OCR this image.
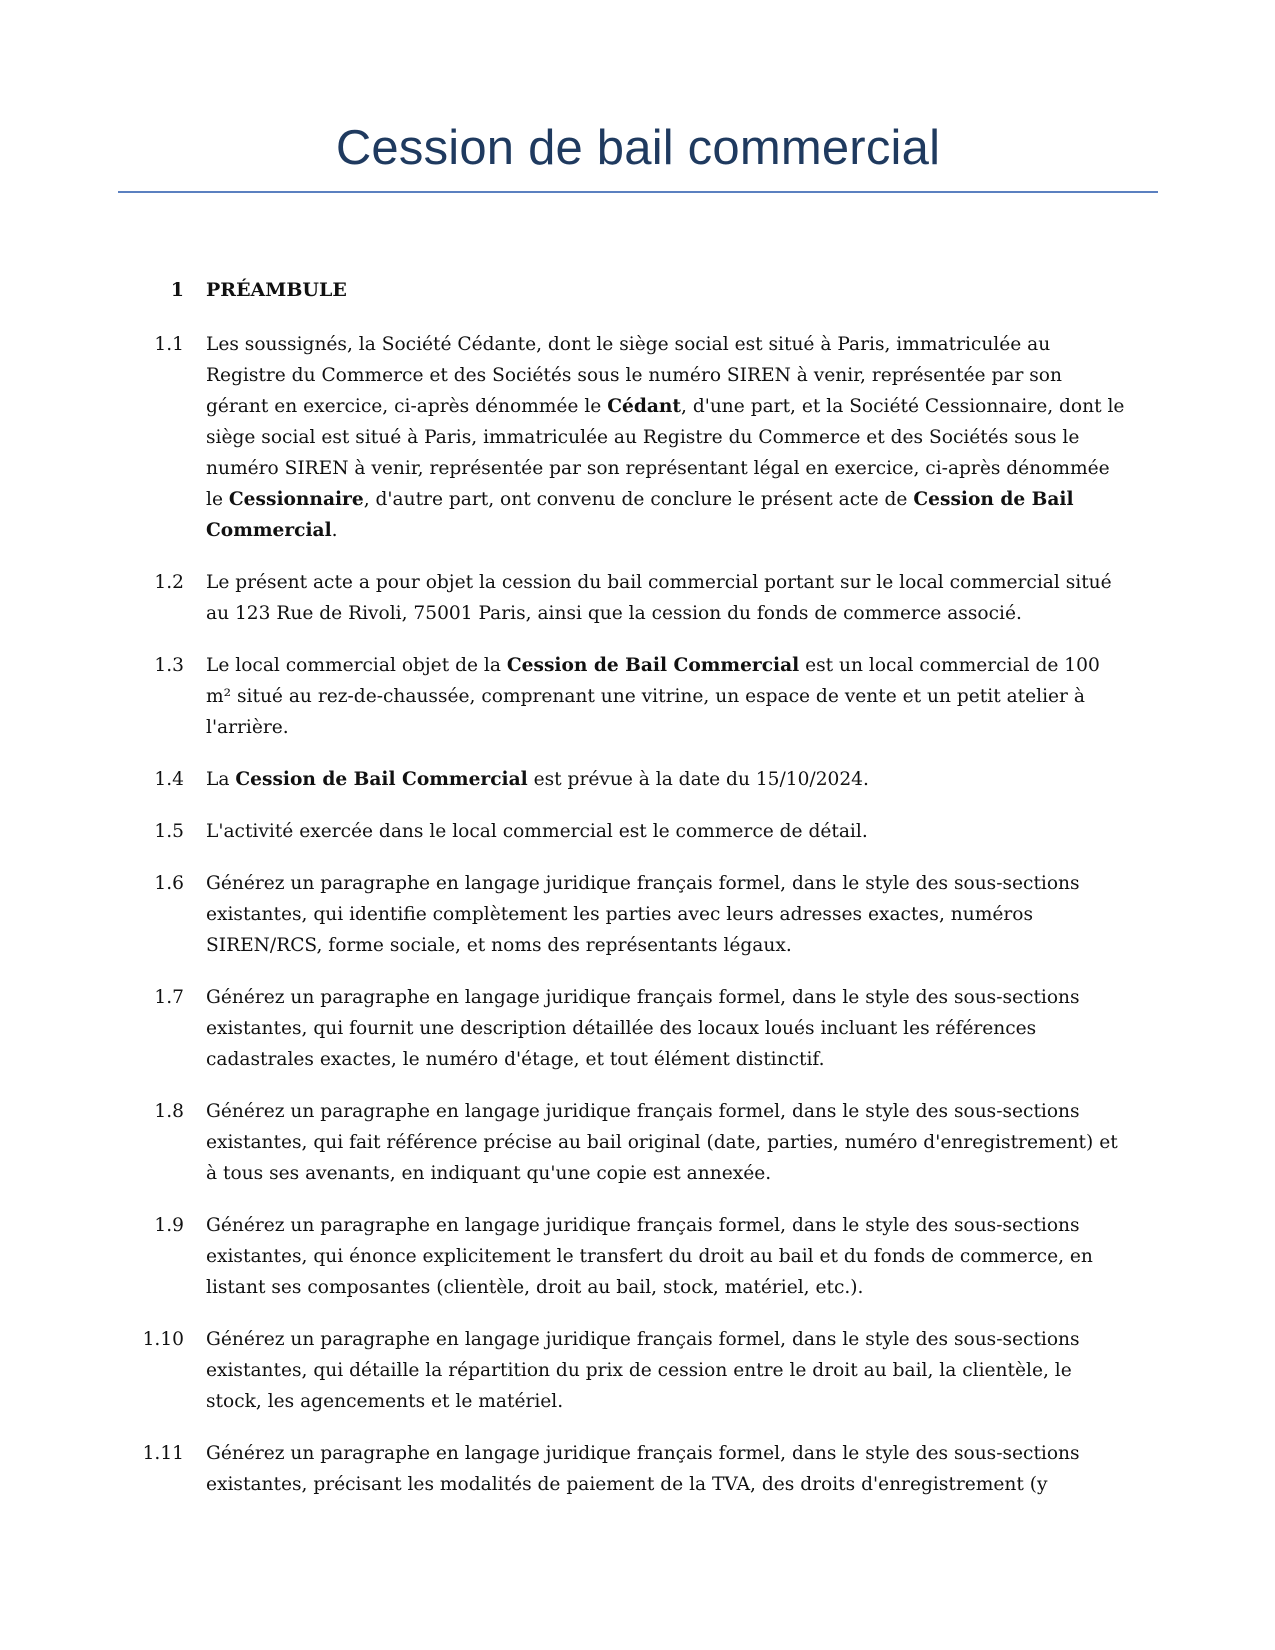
Cession de bail commercial
1 PRÉAMBULE
1.1 Les soussignés, la Société Cédante, dont le siège social est situé à Paris, immatriculée au Registre du Commerce et des Sociétés sous le numéro SIREN à venir, représentée par son gérant en exercice, ci-après dénommée le Cédant, d'une part, et la Société Cessionnaire, dont le siège social est situé à Paris, immatriculée au Registre du Commerce et des Sociétés sous le numéro SIREN à venir, représentée par son représentant légal en exercice, ci-après dénommée le Cessionnaire, d'autre part, ont convenu de conclure le présent acte de Cession de Bail Commercial.
1.2 Le présent acte a pour objet la cession du bail commercial portant sur le local commercial situé au 123 Rue de Rivoli, 75001 Paris, ainsi que la cession du fonds de commerce associé.
1.3 Le local commercial objet de la Cession de Bail Commercial est un local commercial de 100 m² situé au rez-de-chaussée, comprenant une vitrine, un espace de vente et un petit atelier à l'arrière.
1.4 La Cession de Bail Commercial est prévue à la date du 15/10/2024.
1.5 L'activité exercée dans le local commercial est le commerce de détail.
1.6 Générez un paragraphe en langage juridique français formel, dans le style des sous-sections existantes, qui identifie complètement les parties avec leurs adresses exactes, numéros SIREN/RCS, forme sociale, et noms des représentants légaux.
1.7 Générez un paragraphe en langage juridique français formel, dans le style des sous-sections existantes, qui fournit une description détaillée des locaux loués incluant les références cadastrales exactes, le numéro d'étage, et tout élément distinctif.
1.8 Générez un paragraphe en langage juridique français formel, dans le style des sous-sections existantes, qui fait référence précise au bail original (date, parties, numéro d'enregistrement) et à tous ses avenants, en indiquant qu'une copie est annexée.
1.9 Générez un paragraphe en langage juridique français formel, dans le style des sous-sections existantes, qui énonce explicitement le transfert du droit au bail et du fonds de commerce, en listant ses composantes (clientèle, droit au bail, stock, matériel, etc.).
1.10 Générez un paragraphe en langage juridique français formel, dans le style des sous-sections existantes, qui détaille la répartition du prix de cession entre le droit au bail, la clientèle, le stock, les agencements et le matériel.
1.11 Générez un paragraphe en langage juridique français formel, dans le style des sous-sections existantes, précisant les modalités de paiement de la TVA, des droits d'enregistrement (y
